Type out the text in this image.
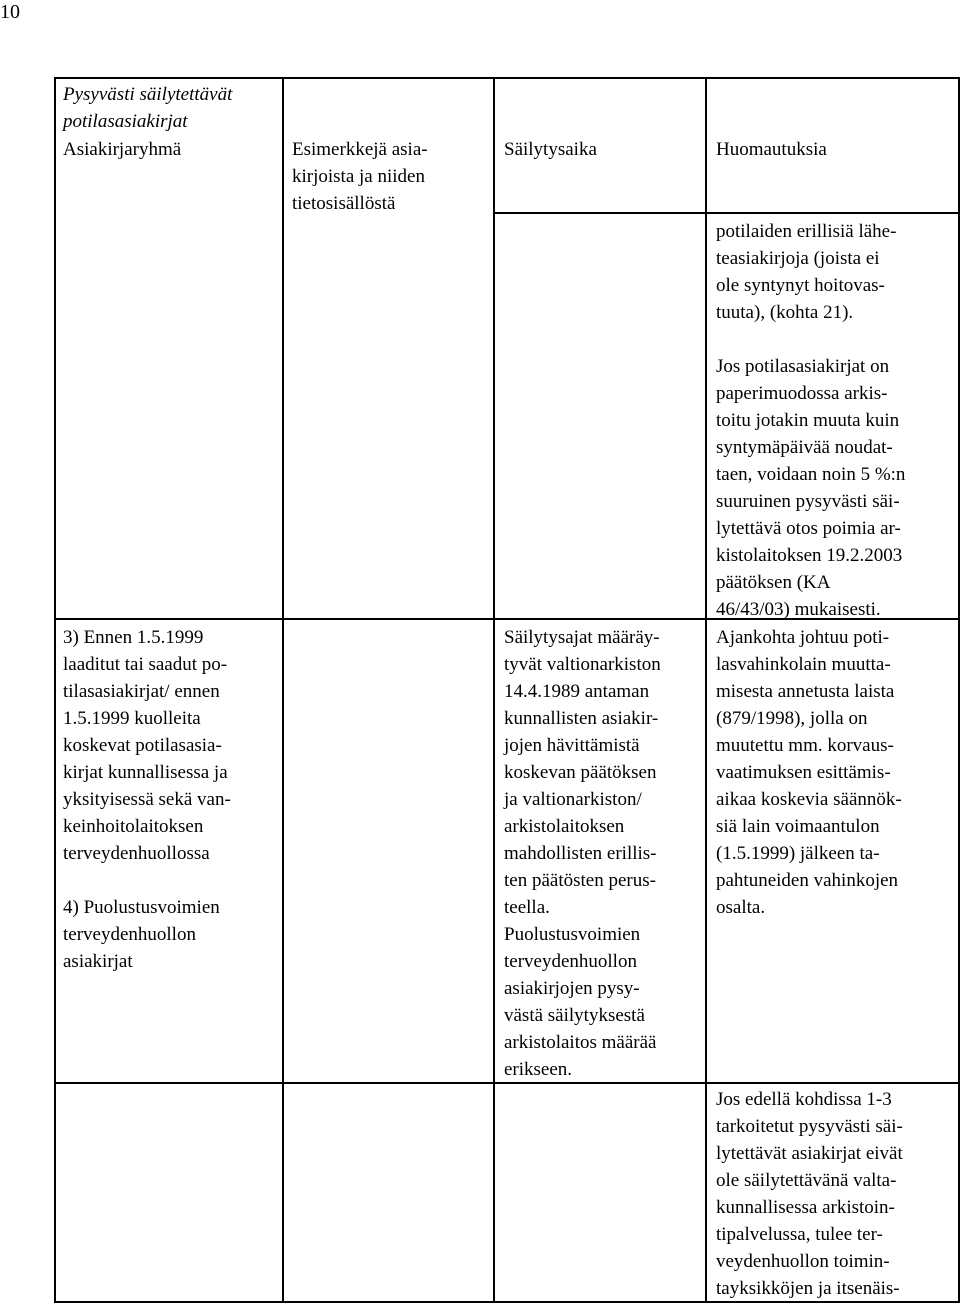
10
Pysyvästi säilytettävät
potilasasiakirjat
Asiakirjaryhmä	Esimerkkejä asia-
kirjoista ja niiden
tietosisällöstä
Säilytysaika	Huomautuksia
potilaiden erillisiä lähe-
teasiakirjoja (joista ei
ole syntynyt hoitovas-
tuuta), (kohta 21).

Jos potilasasiakirjat on
paperimuodossa arkis-
toitu jotakin muuta kuin
syntymäpäivää noudat-
taen, voidaan noin 5 %:n
suuruinen pysyvästi säi-
lytettävä otos poimia ar-
kistolaitoksen 19.2.2003
päätöksen (KA
46/43/03) mukaisesti.
3) Ennen 1.5.1999
laaditut tai saadut po-
tilasasiakirjat/ ennen
1.5.1999 kuolleita
koskevat potilasasia-
kirjat kunnallisessa ja
yksityisessä sekä van-
keinhoitolaitoksen
terveydenhuollossa

4) Puolustusvoimien
terveydenhuollon
asiakirjat
Säilytysajat määräy-
tyvät valtionarkiston
14.4.1989 antaman
kunnallisten asiakir-
jojen hävittämistä
koskevan päätöksen
ja valtionarkiston/
arkistolaitoksen
mahdollisten erillis-
ten päätösten perus-
teella.
Puolustusvoimien
terveydenhuollon
asiakirjojen pysy-
västä säilytyksestä
arkistolaitos määrää
erikseen.
Ajankohta johtuu poti-
lasvahinkolain muutta-
misesta annetusta laista
(879/1998), jolla on
muutettu mm. korvaus-
vaatimuksen esittämis-
aikaa koskevia säännök-
siä lain voimaantulon
(1.5.1999) jälkeen ta-
pahtuneiden vahinkojen
osalta.
Jos edellä kohdissa 1-3
tarkoitetut pysyvästi säi-
lytettävät asiakirjat eivät
ole säilytettävänä valta-
kunnallisessa arkistoin-
tipalvelussa, tulee ter-
veydenhuollon toimin-
tayksikköjen ja itsenäis-
